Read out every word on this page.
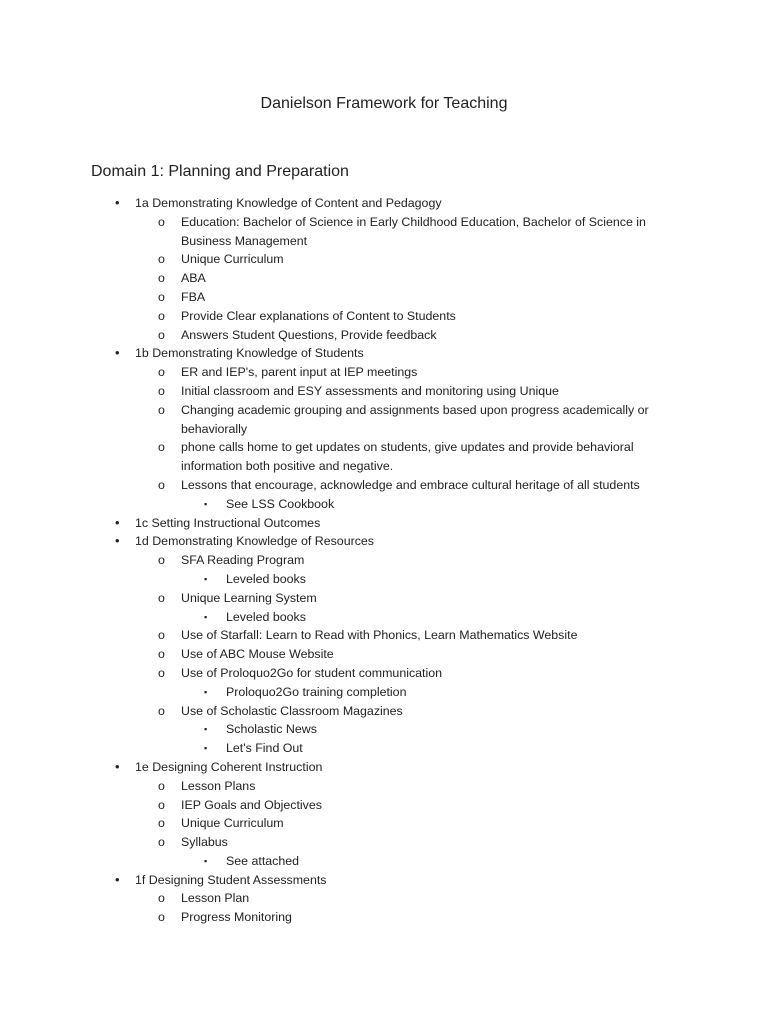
Danielson Framework for Teaching
Domain 1: Planning and Preparation
• 1a Demonstrating Knowledge of Content and Pedagogy
o Education: Bachelor of Science in Early Childhood Education, Bachelor of Science in
Business Management
o Unique Curriculum
o ABA
o FBA
o Provide Clear explanations of Content to Students
o Answers Student Questions, Provide feedback
• 1b Demonstrating Knowledge of Students
o ER and IEP's, parent input at IEP meetings
o Initial classroom and ESY assessments and monitoring using Unique
o Changing academic grouping and assignments based upon progress academically or
behaviorally
o phone calls home to get updates on students, give updates and provide behavioral
information both positive and negative.
o Lessons that encourage, acknowledge and embrace cultural heritage of all students
▪ See LSS Cookbook
• 1c Setting Instructional Outcomes
• 1d Demonstrating Knowledge of Resources
o SFA Reading Program
▪ Leveled books
o Unique Learning System
▪ Leveled books
o Use of Starfall: Learn to Read with Phonics, Learn Mathematics Website
o Use of ABC Mouse Website
o Use of Proloquo2Go for student communication
▪ Proloquo2Go training completion
o Use of Scholastic Classroom Magazines
▪ Scholastic News
▪ Let's Find Out
• 1e Designing Coherent Instruction
o Lesson Plans
o IEP Goals and Objectives
o Unique Curriculum
o Syllabus
▪ See attached
• 1f Designing Student Assessments
o Lesson Plan
o Progress Monitoring
